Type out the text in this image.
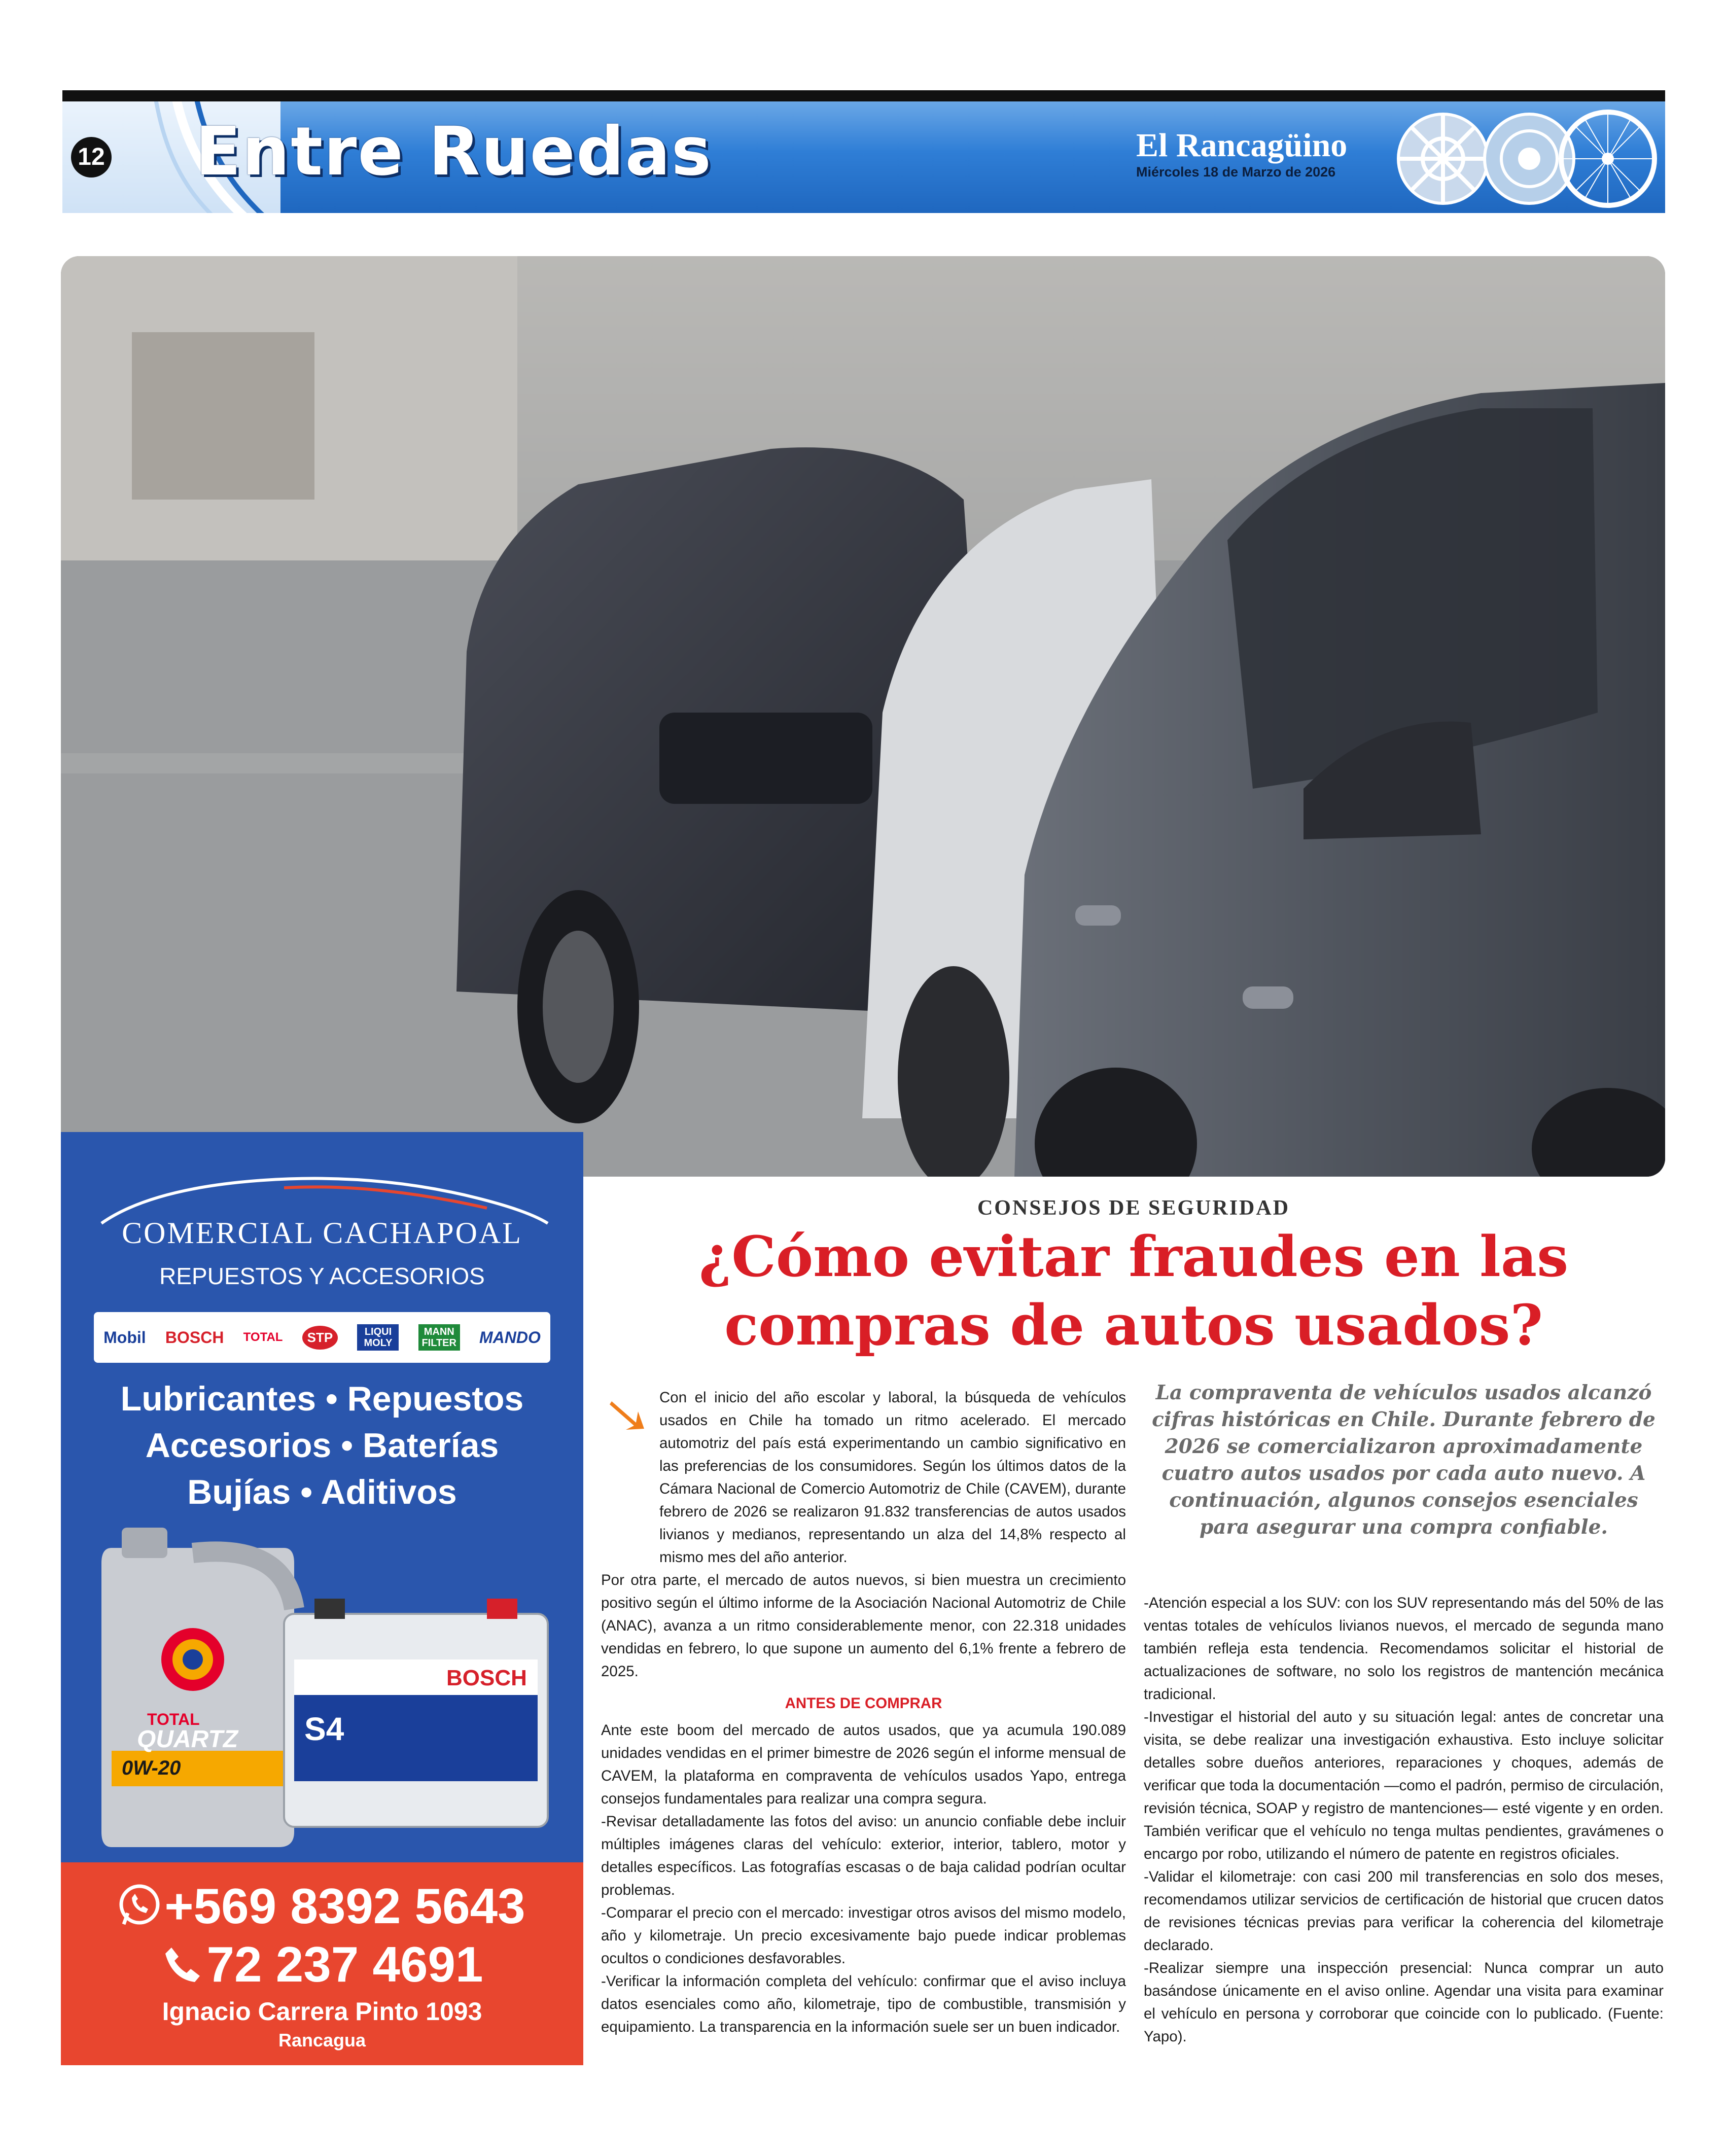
12 Entre Ruedas	El Rancagüino
Miércoles 18 de Marzo de 2026
COMERCIAL CACHAPOAL
REPUESTOS Y ACCESORIOS
Mobil BOSCH TOTAL	STP	LIQUI MOLY
MANN FILTER MANDO
Lubricantes • Repuestos
Accesorios • Baterías
Bujías • Aditivos
TOTAL
QUARTZ
0W-20
BOSCH
S4
+569 8392 5643
72 237 4691
Ignacio Carrera Pinto 1093
Rancagua
CONSEJOS DE SEGURIDAD
¿Cómo evitar fraudes en las compras de autos usados?

Con el inicio del año escolar y laboral, la búsqueda de vehículos usados en Chile ha tomado un ritmo acelerado. El mercado automotriz del país está experimentando un cambio significativo en las preferencias de los consumidores. Según los últimos datos de la Cámara Nacional de Comercio Automotriz de Chile (CAVEM), durante febrero de 2026 se realizaron 91.832 transferencias de autos usados livianos y medianos, representando un alza del 14,8% respecto al mismo mes del año anterior.

Por otra parte, el mercado de autos nuevos, si bien muestra un crecimiento positivo según el último informe de la Asociación Nacional Automotriz de Chile (ANAC), avanza a un ritmo considerablemente menor, con 22.318 unidades vendidas en febrero, lo que supone un aumento del 6,1% frente a febrero de 2025.

ANTES DE COMPRAR

Ante este boom del mercado de autos usados, que ya acumula 190.089 unidades vendidas en el primer bimestre de 2026 según el informe mensual de CAVEM, la plataforma en compraventa de vehículos usados Yapo, entrega consejos fundamentales para realizar una compra segura.

-Revisar detalladamente las fotos del aviso: un anuncio confiable debe incluir múltiples imágenes claras del vehículo: exterior, interior, tablero, motor y detalles específicos. Las fotografías escasas o de baja calidad podrían ocultar problemas.

-Comparar el precio con el mercado: investigar otros avisos del mismo modelo, año y kilometraje. Un precio excesivamente bajo puede indicar problemas ocultos o condiciones desfavorables.

-Verificar la información completa del vehículo: confirmar que el aviso incluya datos esenciales como año, kilometraje, tipo de combustible, transmisión y equipamiento. La transparencia en la información suele ser un buen indicador.

La compraventa de vehículos usados alcanzó cifras históricas en Chile. Durante febrero de 2026 se comercializaron aproximadamente cuatro autos usados por cada auto nuevo. A continuación, algunos consejos esenciales para asegurar una compra confiable.

-Atención especial a los SUV: con los SUV representando más del 50% de las ventas totales de vehículos livianos nuevos, el mercado de segunda mano también refleja esta tendencia. Recomendamos solicitar el historial de actualizaciones de software, no solo los registros de mantención mecánica tradicional.

-Investigar el historial del auto y su situación legal: antes de concretar una visita, se debe realizar una investigación exhaustiva. Esto incluye solicitar detalles sobre dueños anteriores, reparaciones y choques, además de verificar que toda la documentación —como el padrón, permiso de circulación, revisión técnica, SOAP y registro de mantenciones— esté vigente y en orden. También verificar que el vehículo no tenga multas pendientes, gravámenes o encargo por robo, utilizando el número de patente en registros oficiales.

-Validar el kilometraje: con casi 200 mil transferencias en solo dos meses, recomendamos utilizar servicios de certificación de historial que crucen datos de revisiones técnicas previas para verificar la coherencia del kilometraje declarado.

-Realizar siempre una inspección presencial: Nunca comprar un auto basándose únicamente en el aviso online. Agendar una visita para examinar el vehículo en persona y corroborar que coincide con lo publicado. (Fuente: Yapo).
